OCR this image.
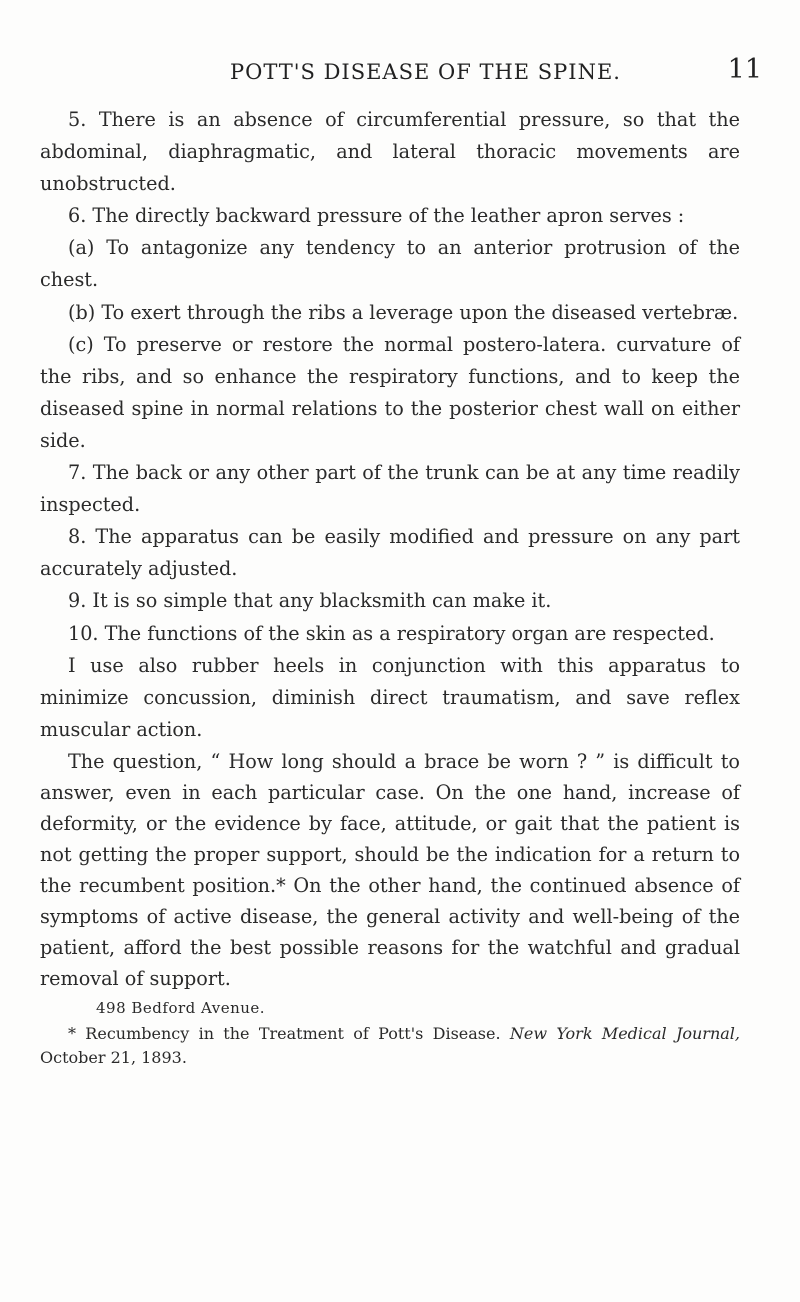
POTT'S DISEASE OF THE SPINE.	11

5. There is an absence of circumferential pressure, so that the abdominal, diaphragmatic, and lateral thoracic movements are unobstructed.

6. The directly backward pressure of the leather apron serves :

(a) To antagonize any tendency to an anterior protrusion of the chest.

(b) To exert through the ribs a leverage upon the diseased vertebræ.

(c) To preserve or restore the normal postero-latera. curvature of the ribs, and so enhance the respiratory functions, and to keep the diseased spine in normal relations to the posterior chest wall on either side.

7. The back or any other part of the trunk can be at any time readily inspected.

8. The apparatus can be easily modified and pressure on any part accurately adjusted.

9. It is so simple that any blacksmith can make it.

10. The functions of the skin as a respiratory organ are respected.

I use also rubber heels in conjunction with this apparatus to minimize concussion, diminish direct traumatism, and save reflex muscular action.

The question, “ How long should a brace be worn ? ” is difficult to answer, even in each particular case. On the one hand, increase of deformity, or the evidence by face, attitude, or gait that the patient is not getting the proper support, should be the indication for a return to the recumbent position.* On the other hand, the continued absence of symptoms of active disease, the general activity and well-being of the patient, afford the best possible reasons for the watchful and gradual removal of support.

498 Bedford Avenue.

* Recumbency in the Treatment of Pott's Disease. New York Medical Journal, October 21, 1893.
